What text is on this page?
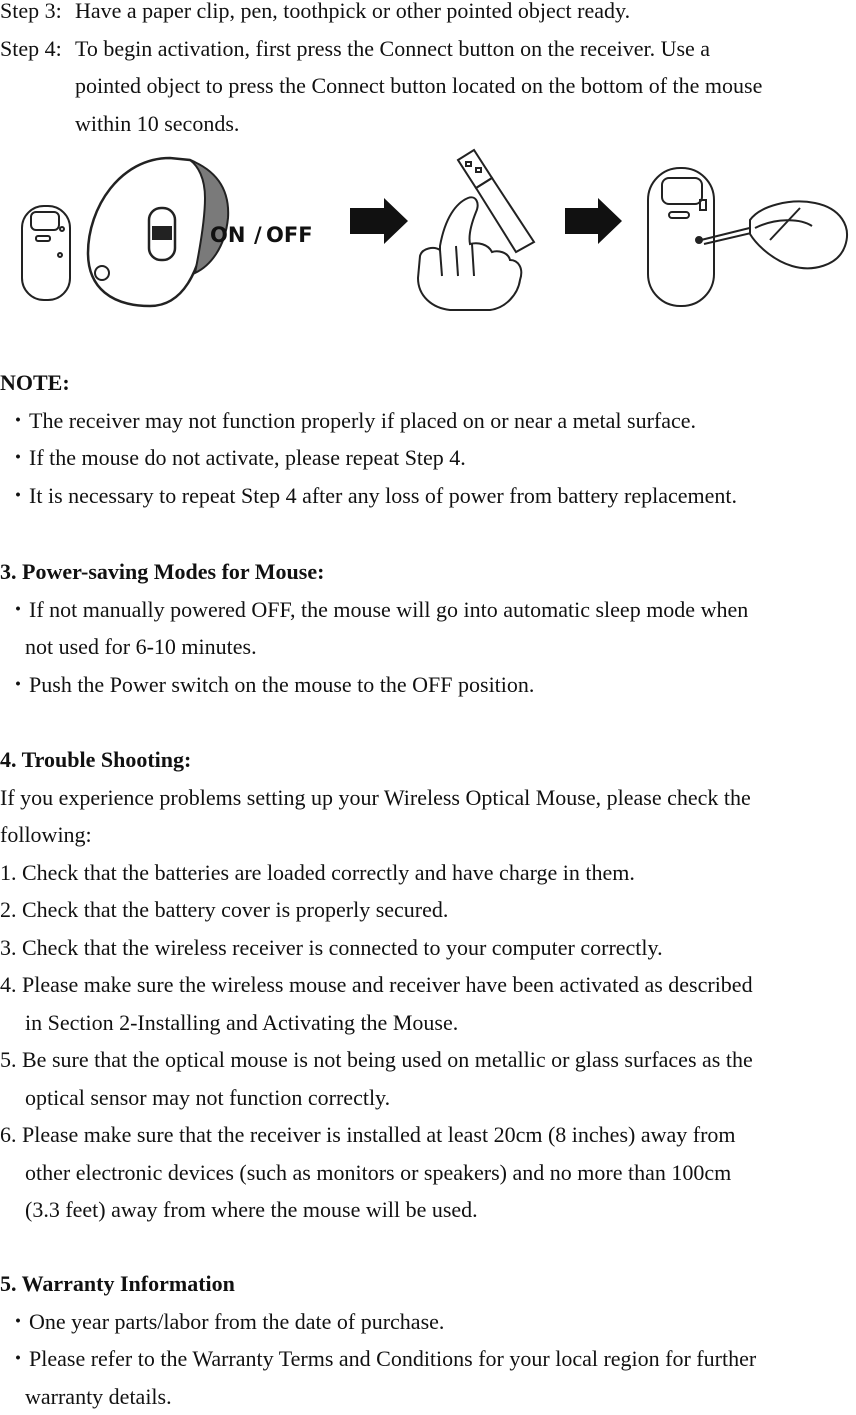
Step 3: Have a paper clip, pen, toothpick or other pointed object ready.
Step 4: To begin activation, first press the Connect button on the receiver. Use a
pointed object to press the Connect button located on the bottom of the mouse
within 10 seconds.
ON / OFF
NOTE:
・The receiver may not function properly if placed on or near a metal surface.
・If the mouse do not activate, please repeat Step 4.
・It is necessary to repeat Step 4 after any loss of power from battery replacement.
3. Power-saving Modes for Mouse:
・If not manually powered OFF, the mouse will go into automatic sleep mode when
not used for 6-10 minutes.
・Push the Power switch on the mouse to the OFF position.
4. Trouble Shooting:
If you experience problems setting up your Wireless Optical Mouse, please check the
following:
1. Check that the batteries are loaded correctly and have charge in them.
2. Check that the battery cover is properly secured.
3. Check that the wireless receiver is connected to your computer correctly.
4. Please make sure the wireless mouse and receiver have been activated as described
in Section 2-Installing and Activating the Mouse.
5. Be sure that the optical mouse is not being used on metallic or glass surfaces as the
optical sensor may not function correctly.
6. Please make sure that the receiver is installed at least 20cm (8 inches) away from
other electronic devices (such as monitors or speakers) and no more than 100cm
(3.3 feet) away from where the mouse will be used.
5. Warranty Information
・One year parts/labor from the date of purchase.
・Please refer to the Warranty Terms and Conditions for your local region for further
warranty details.
